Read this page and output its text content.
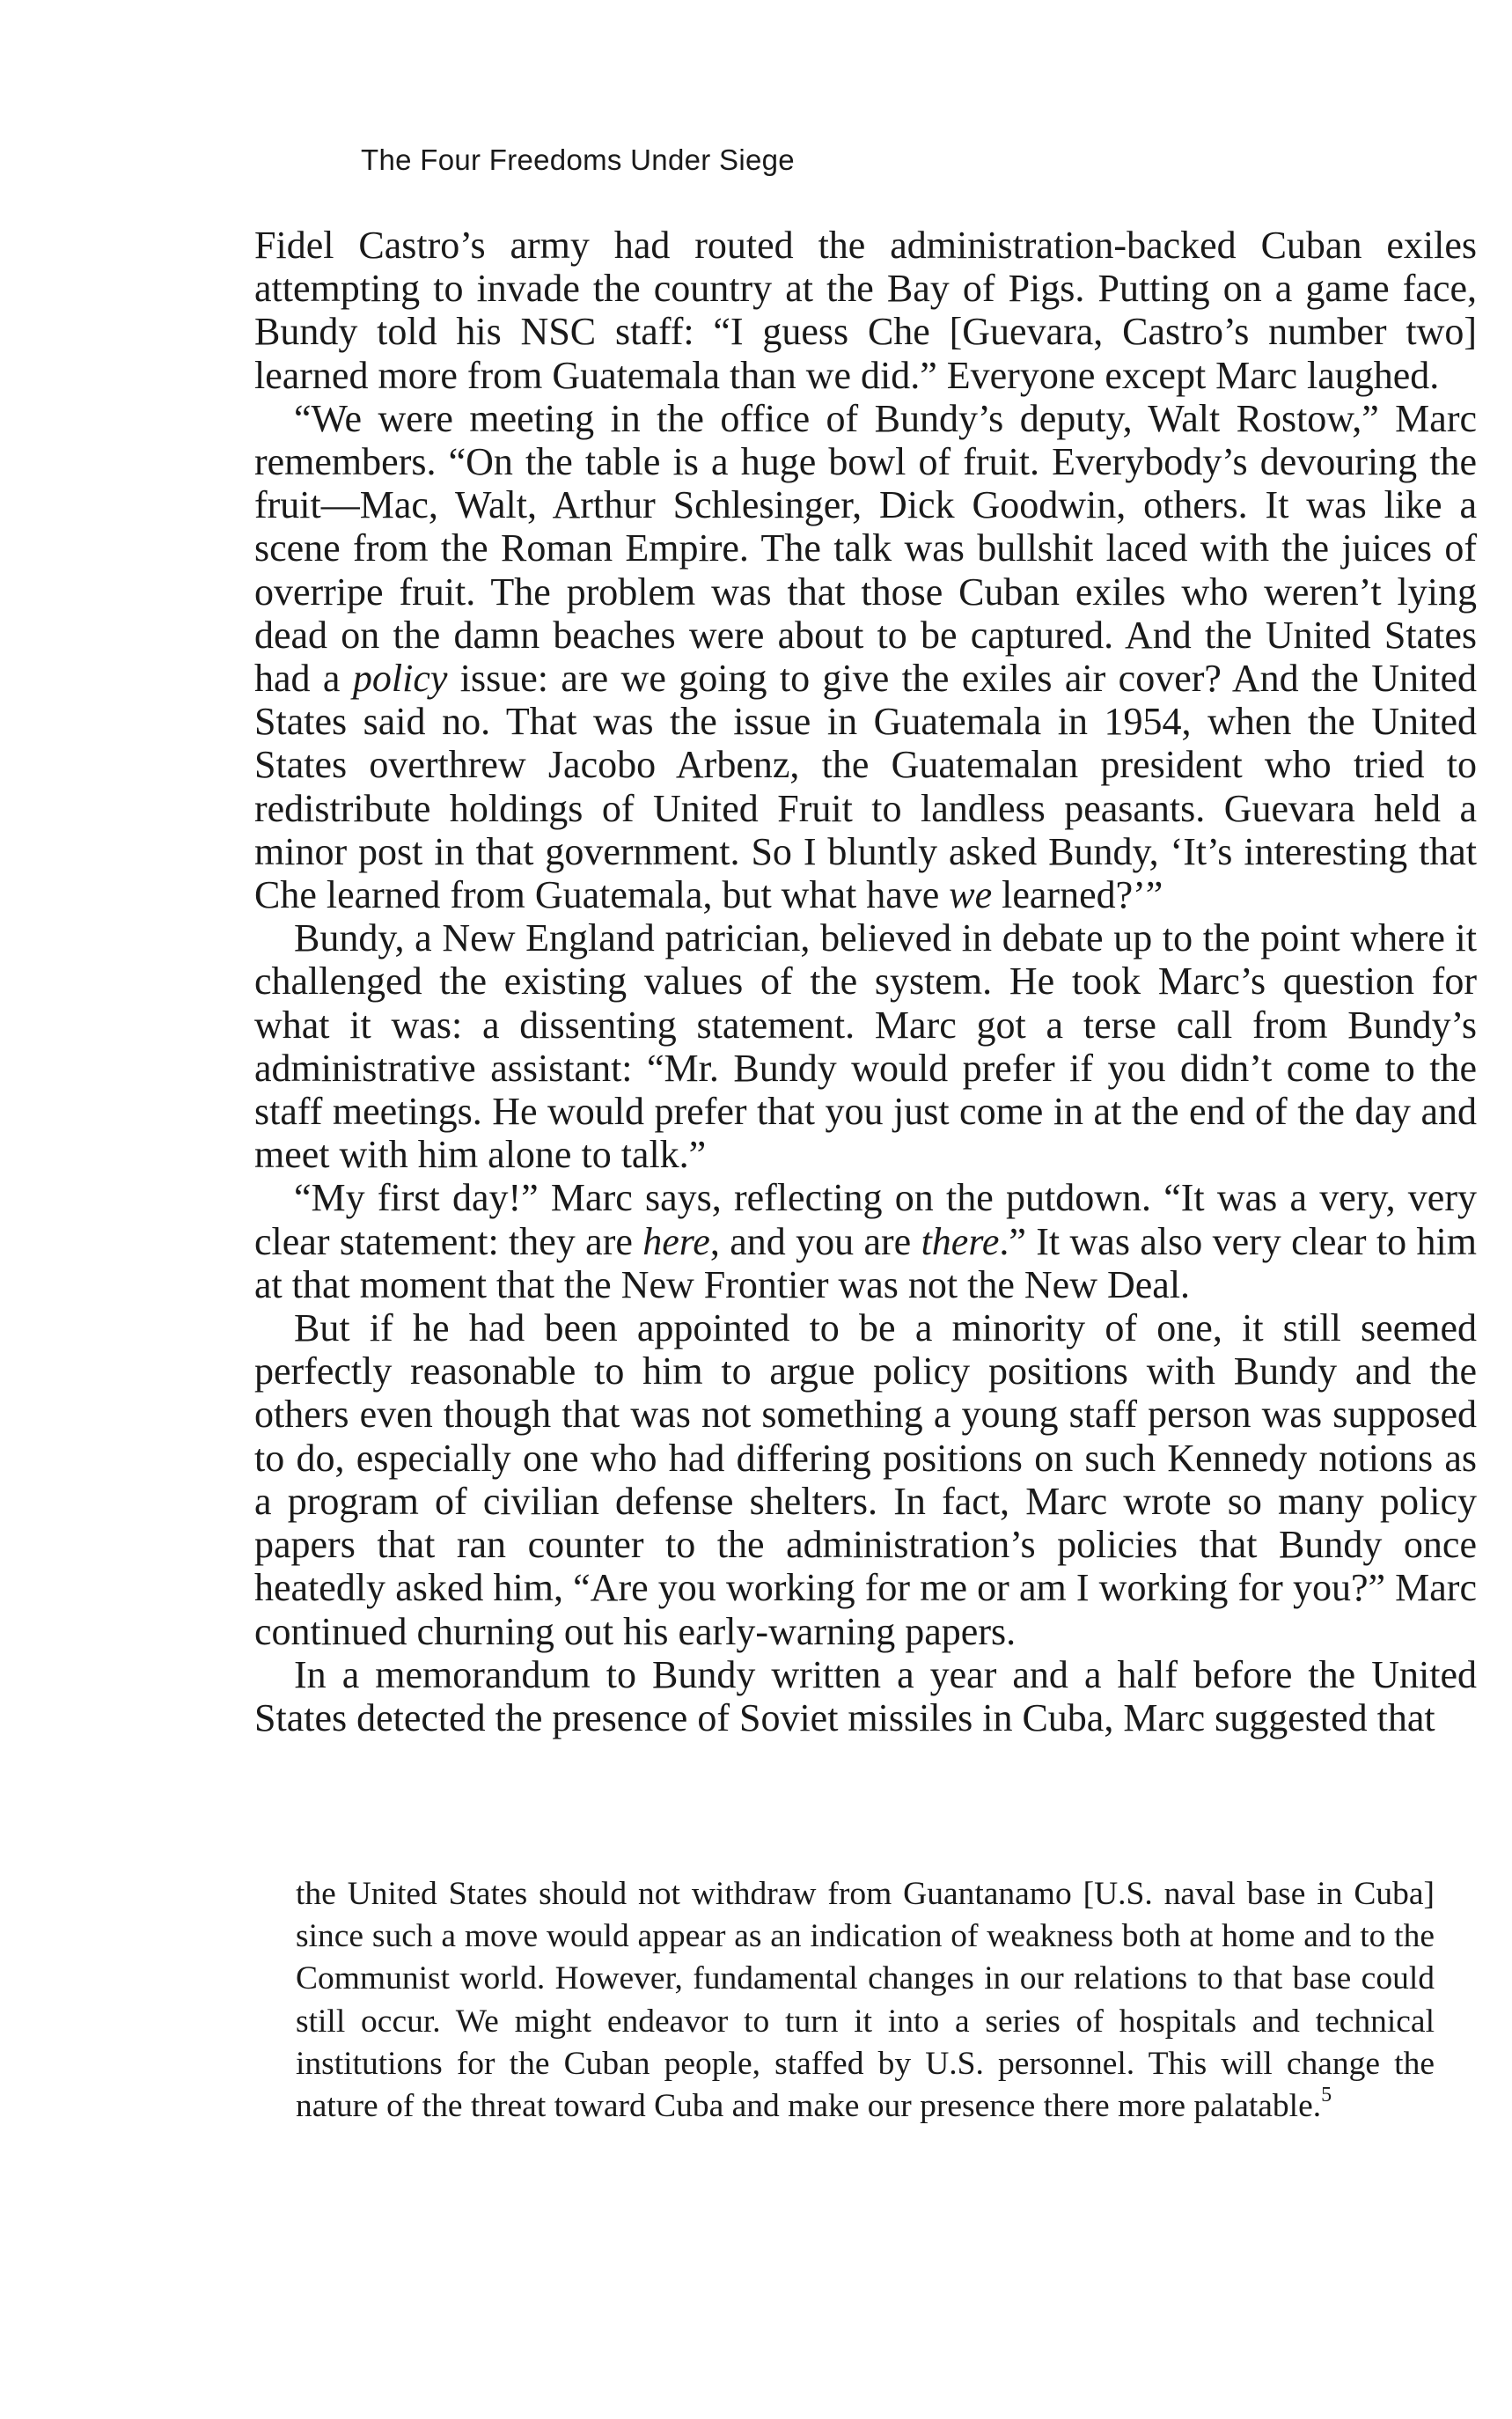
The Four Freedoms Under Siege

Fidel Castro’s army had routed the administration-backed Cuban exiles attempting to invade the country at the Bay of Pigs. Putting on a game face, Bundy told his NSC staff: “I guess Che [Guevara, Castro’s number two] learned more from Guatemala than we did.” Everyone except Marc laughed.

“We were meeting in the office of Bundy’s deputy, Walt Rostow,” Marc remembers. “On the table is a huge bowl of fruit. Everybody’s devouring the fruit—Mac, Walt, Arthur Schlesinger, Dick Goodwin, others. It was like a scene from the Roman Empire. The talk was bullshit laced with the juices of overripe fruit. The problem was that those Cuban exiles who weren’t lying dead on the damn beaches were about to be captured. And the United States had a policy issue: are we going to give the exiles air cover? And the United States said no. That was the issue in Guatemala in 1954, when the United States overthrew Jacobo Arbenz, the Guatemalan president who tried to redistribute holdings of United Fruit to landless peasants. Guevara held a minor post in that government. So I bluntly asked Bundy, ‘It’s interesting that Che learned from Guatemala, but what have we learned?’”

Bundy, a New England patrician, believed in debate up to the point where it challenged the existing values of the system. He took Marc’s question for what it was: a dissenting statement. Marc got a terse call from Bundy’s administrative assistant: “Mr. Bundy would prefer if you didn’t come to the staff meetings. He would prefer that you just come in at the end of the day and meet with him alone to talk.”

“My first day!” Marc says, reflecting on the putdown. “It was a very, very clear statement: they are here, and you are there.” It was also very clear to him at that moment that the New Frontier was not the New Deal.

But if he had been appointed to be a minority of one, it still seemed perfectly reasonable to him to argue policy positions with Bundy and the others even though that was not something a young staff person was supposed to do, especially one who had differing positions on such Kennedy notions as a program of civilian defense shelters. In fact, Marc wrote so many policy papers that ran counter to the administration’s policies that Bundy once heatedly asked him, “Are you working for me or am I working for you?” Marc continued churning out his early-warning papers.

In a memorandum to Bundy written a year and a half before the United States detected the presence of Soviet missiles in Cuba, Marc suggested that

the United States should not withdraw from Guantanamo [U.S. naval base in Cuba] since such a move would appear as an indication of weakness both at home and to the Communist world. However, fundamental changes in our relations to that base could still occur. We might endeavor to turn it into a series of hospitals and technical institutions for the Cuban people, staffed by U.S. personnel. This will change the nature of the threat toward Cuba and make our presence there more palatable.$^5$
